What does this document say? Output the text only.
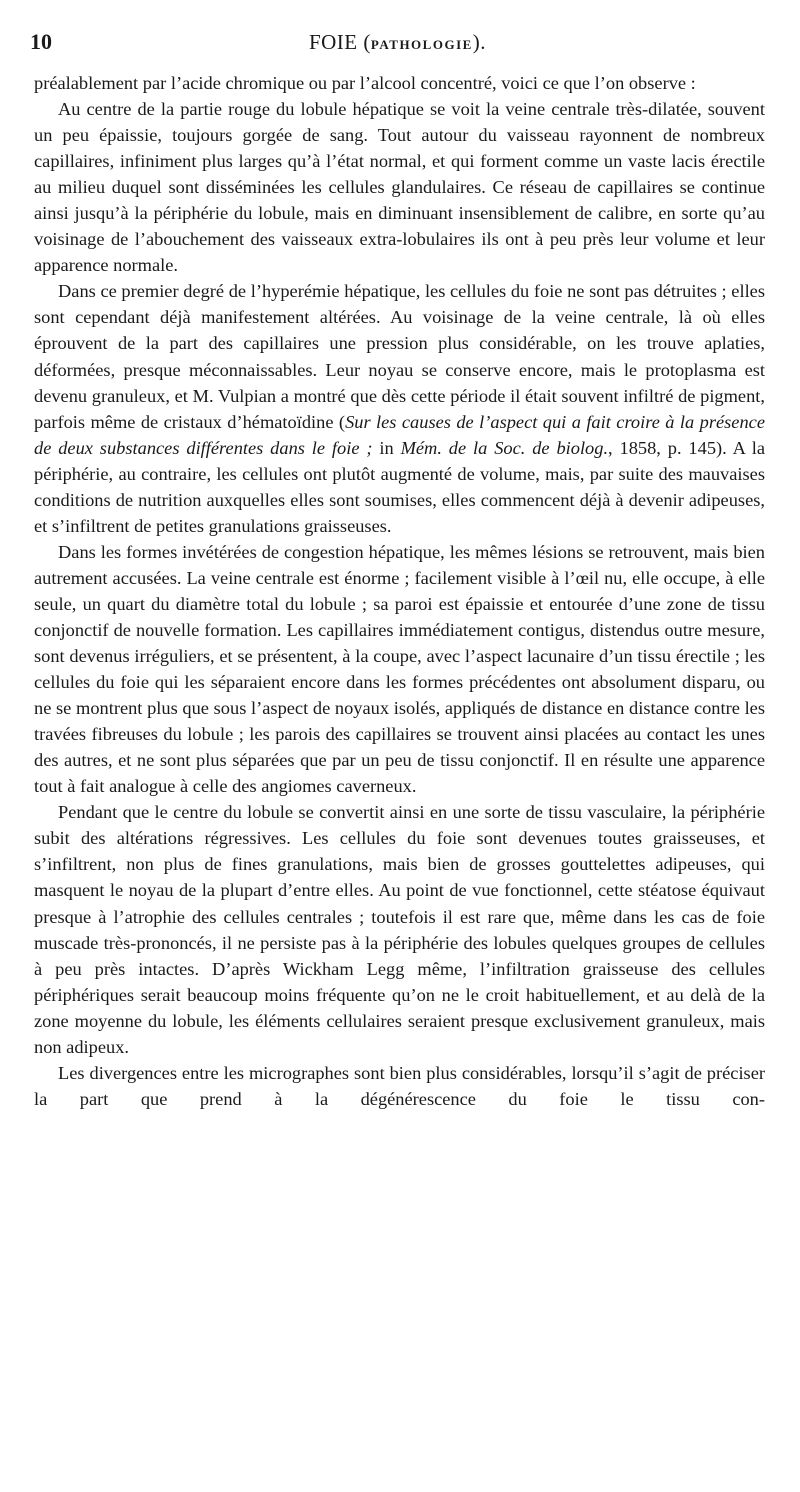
10	FOIE (PATHOLOGIE).

préalablement par l’acide chromique ou par l’alcool concentré, voici ce que l’on observe :

Au centre de la partie rouge du lobule hépatique se voit la veine centrale très-dilatée, souvent un peu épaissie, toujours gorgée de sang. Tout autour du vaisseau rayonnent de nombreux capillaires, infiniment plus larges qu’à l’état normal, et qui forment comme un vaste lacis érectile au milieu duquel sont disséminées les cellules glandulaires. Ce réseau de capillaires se continue ainsi jusqu’à la périphérie du lobule, mais en diminuant insensiblement de calibre, en sorte qu’au voisinage de l’abouchement des vaisseaux extra-lobulaires ils ont à peu près leur volume et leur apparence normale.

Dans ce premier degré de l’hyperémie hépatique, les cellules du foie ne sont pas détruites ; elles sont cependant déjà manifestement altérées. Au voisinage de la veine centrale, là où elles éprouvent de la part des capillaires une pression plus considérable, on les trouve aplaties, déformées, presque méconnaissables. Leur noyau se conserve encore, mais le protoplasma est devenu granuleux, et M. Vulpian a montré que dès cette période il était souvent infiltré de pigment, parfois même de cristaux d’hématoïdine (Sur les causes de l’aspect qui a fait croire à la présence de deux substances différentes dans le foie ; in Mém. de la Soc. de biolog., 1858, p. 145). A la périphérie, au contraire, les cellules ont plutôt augmenté de volume, mais, par suite des mauvaises conditions de nutrition auxquelles elles sont soumises, elles commencent déjà à devenir adipeuses, et s’infiltrent de petites granulations graisseuses.

Dans les formes invétérées de congestion hépatique, les mêmes lésions se retrouvent, mais bien autrement accusées. La veine centrale est énorme ; facilement visible à l’œil nu, elle occupe, à elle seule, un quart du diamètre total du lobule ; sa paroi est épaissie et entourée d’une zone de tissu conjonctif de nouvelle formation. Les capillaires immédiatement contigus, distendus outre mesure, sont devenus irréguliers, et se présentent, à la coupe, avec l’aspect lacunaire d’un tissu érectile ; les cellules du foie qui les séparaient encore dans les formes précédentes ont absolument disparu, ou ne se montrent plus que sous l’aspect de noyaux isolés, appliqués de distance en distance contre les travées fibreuses du lobule ; les parois des capillaires se trouvent ainsi placées au contact les unes des autres, et ne sont plus séparées que par un peu de tissu conjonctif. Il en résulte une apparence tout à fait analogue à celle des angiomes caverneux.

Pendant que le centre du lobule se convertit ainsi en une sorte de tissu vasculaire, la périphérie subit des altérations régressives. Les cellules du foie sont devenues toutes graisseuses, et s’infiltrent, non plus de fines granulations, mais bien de grosses gouttelettes adipeuses, qui masquent le noyau de la plupart d’entre elles. Au point de vue fonctionnel, cette stéatose équivaut presque à l’atrophie des cellules centrales ; toutefois il est rare que, même dans les cas de foie muscade très-prononcés, il ne persiste pas à la périphérie des lobules quelques groupes de cellules à peu près intactes. D’après Wickham Legg même, l’infiltration graisseuse des cellules périphériques serait beaucoup moins fréquente qu’on ne le croit habituellement, et au delà de la zone moyenne du lobule, les éléments cellulaires seraient presque exclusivement granuleux, mais non adipeux.

Les divergences entre les micrographes sont bien plus considérables, lorsqu’il s’agit de préciser la part que prend à la dégénérescence du foie le tissu con-
